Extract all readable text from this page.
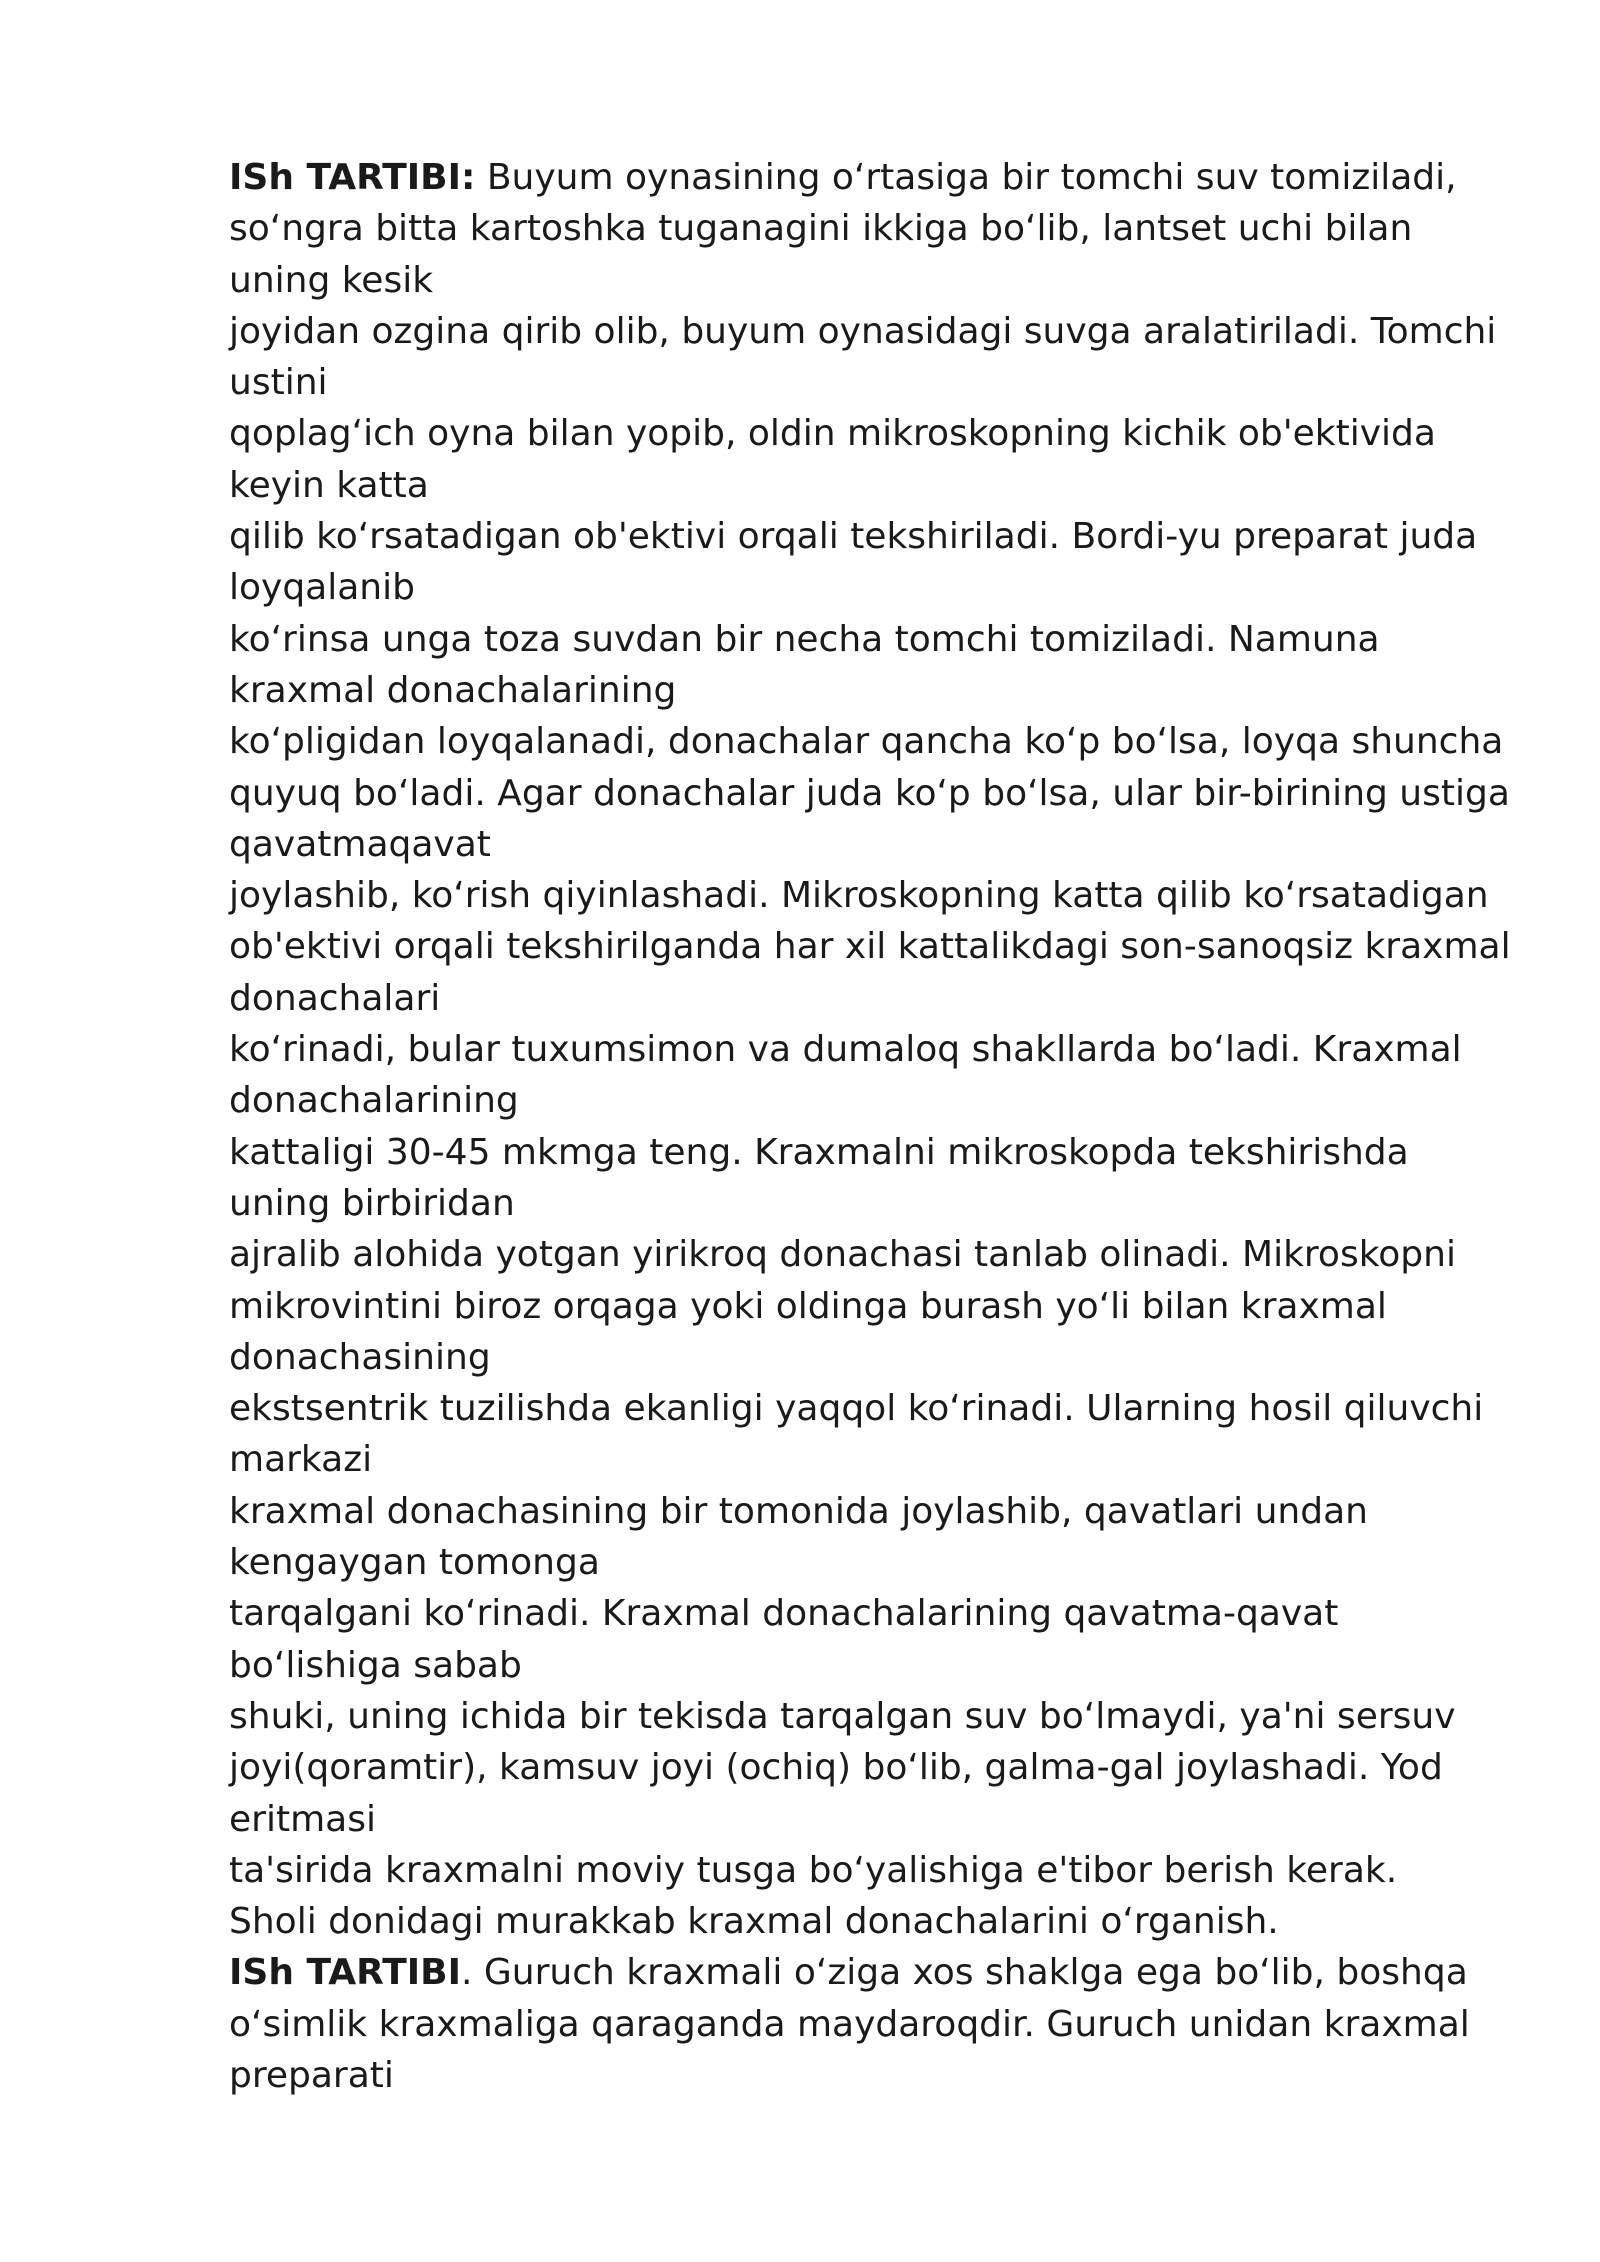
ISh TARTIBI: Buyum oynasining o‘rtasiga bir tomchi suv tomiziladi,
so‘ngra bitta kartoshka tuganagini ikkiga bo‘lib, lantset uchi bilan
uning kesik
joyidan ozgina qirib olib, buyum oynasidagi suvga aralatiriladi. Tomchi
ustini
qoplag‘ich oyna bilan yopib, oldin mikroskopning kichik ob'ektivida
keyin katta
qilib ko‘rsatadigan ob'ektivi orqali tekshiriladi. Bordi-yu preparat juda
loyqalanib
ko‘rinsa unga toza suvdan bir necha tomchi tomiziladi. Namuna
kraxmal donachalarining
ko‘pligidan loyqalanadi, donachalar qancha ko‘p bo‘lsa, loyqa shuncha
quyuq bo‘ladi. Agar donachalar juda ko‘p bo‘lsa, ular bir-birining ustiga
qavatmaqavat
joylashib, ko‘rish qiyinlashadi. Mikroskopning katta qilib ko‘rsatadigan
ob'ektivi orqali tekshirilganda har xil kattalikdagi son-sanoqsiz kraxmal
donachalari
ko‘rinadi, bular tuxumsimon va dumaloq shakllarda bo‘ladi. Kraxmal
donachalarining
kattaligi 30-45 mkmga teng. Kraxmalni mikroskopda tekshirishda
uning birbiridan
ajralib alohida yotgan yirikroq donachasi tanlab olinadi. Mikroskopni
mikrovintini biroz orqaga yoki oldinga burash yo‘li bilan kraxmal
donachasining
ekstsentrik tuzilishda ekanligi yaqqol ko‘rinadi. Ularning hosil qiluvchi
markazi
kraxmal donachasining bir tomonida joylashib, qavatlari undan
kengaygan tomonga
tarqalgani ko‘rinadi. Kraxmal donachalarining qavatma-qavat
bo‘lishiga sabab
shuki, uning ichida bir tekisda tarqalgan suv bo‘lmaydi, ya'ni sersuv
joyi(qoramtir), kamsuv joyi (ochiq) bo‘lib, galma-gal joylashadi. Yod
eritmasi
ta'sirida kraxmalni moviy tusga bo‘yalishiga e'tibor berish kerak.
Sholi donidagi murakkab kraxmal donachalarini o‘rganish.
ISh TARTIBI. Guruch kraxmali o‘ziga xos shaklga ega bo‘lib, boshqa
o‘simlik kraxmaliga qaraganda maydaroqdir. Guruch unidan kraxmal
preparati
